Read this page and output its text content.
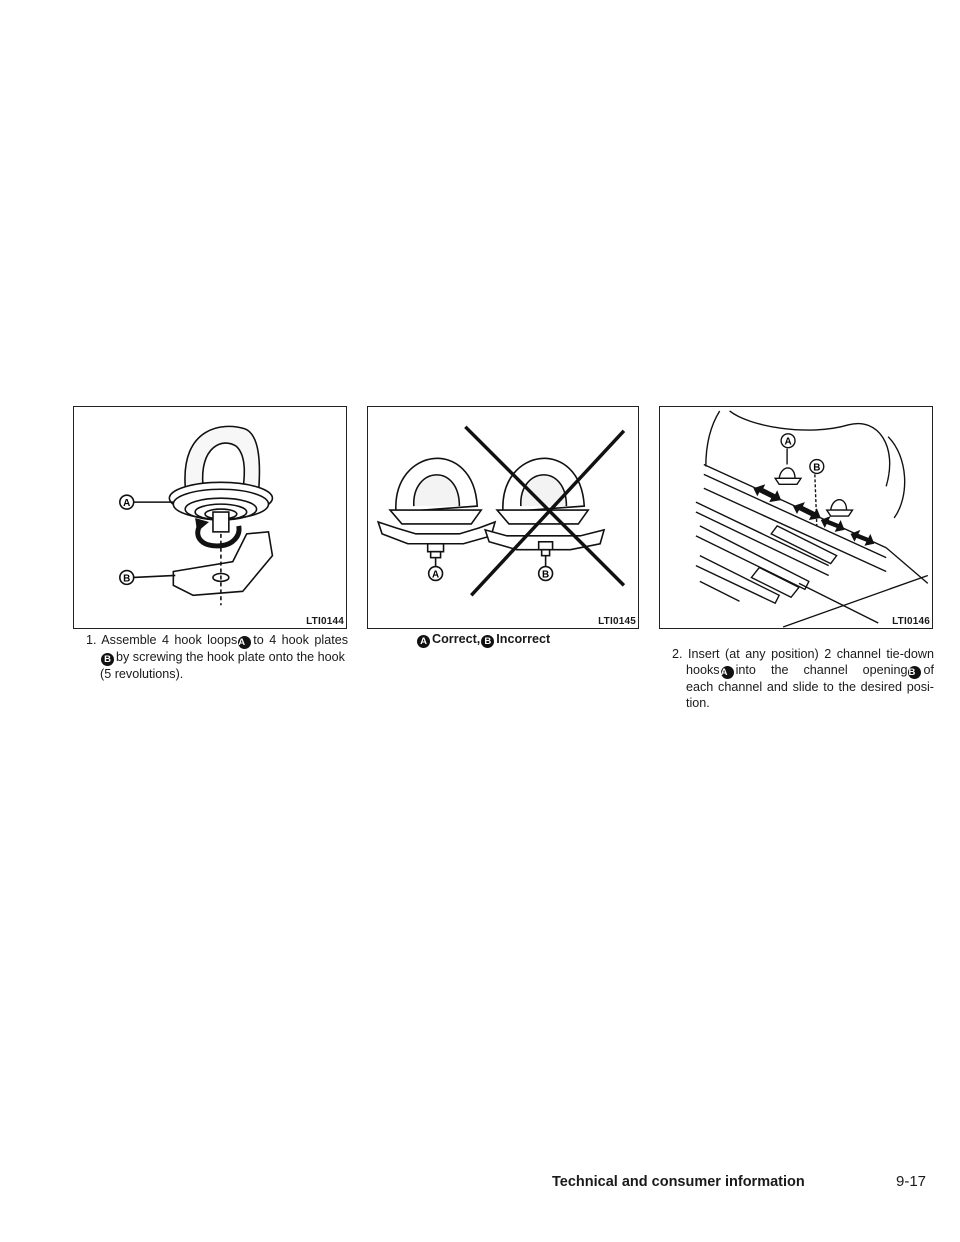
A
B
LTI0144
A	B
LTI0145
A
B
LTI0146
1. Assemble 4 hook loopsA to 4 hook plates
B by screwing the hook plate onto the hook
(5 revolutions).
A Correct, B Incorrect
2. Insert (at any position) 2 channel tie-down
hooksA into the channel openingB of
each channel and slide to the desired posi-
tion.
Technical and consumer information	9-17
